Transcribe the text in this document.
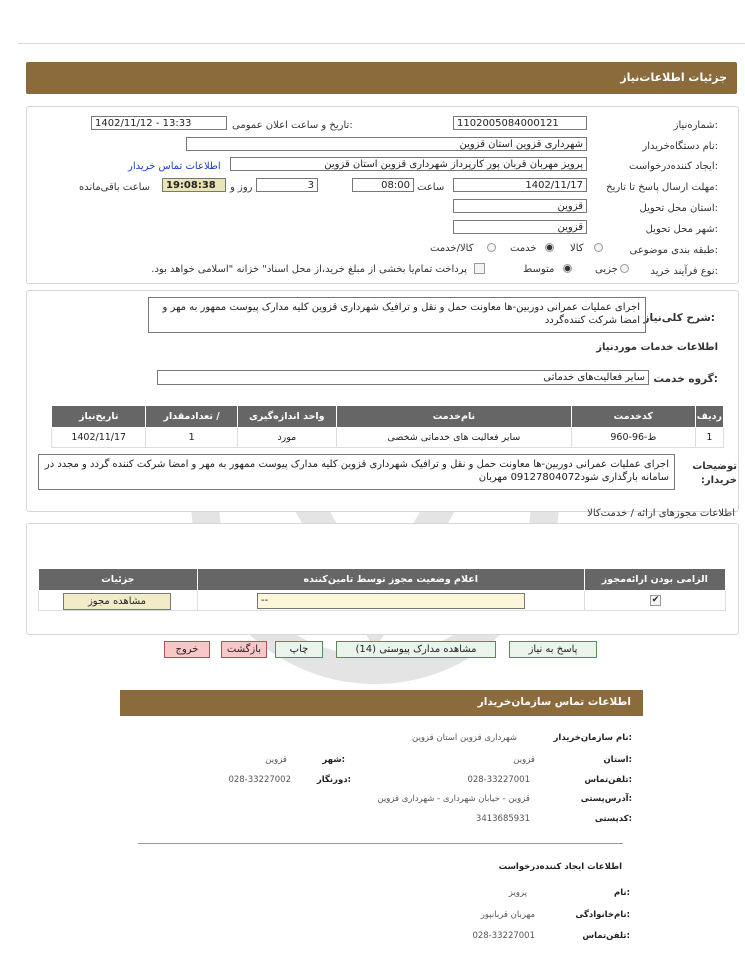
جزئیات اطلاعات‌نیاز
شماره‌نیاز:
1102005084000121
تاریخ و ساعت اعلان عمومی:
1402/11/12 - 13:33
نام دستگاه‌خریدار:
شهرداری قزوین استان قزوین
ایجاد کننده‌درخواست:
پرویز مهربان قربان پور کارپرداز شهرداری قزوین استان قزوین
اطلاعات تماس خریدار
مهلت ارسال پاسخ تا تاریخ:
1402/11/17
ساعت
08:00
3
روز و
19:08:38
ساعت باقی‌مانده
استان محل تحویل:
قزوین
شهر محل تحویل:
قزوین
طبقه بندی موضوعی:
کالا
خدمت
کالا/خدمت
نوع فرآیند خرید:
جزیی
متوسط
پرداخت تمام‌یا بخشی از مبلغ خرید،از محل اسناد" خزانه "اسلامی خواهد بود.
شرح کلی‌نیاز:
اجرای عملیات عمرانی دوربین-ها معاونت حمل و نقل و ترافیک شهرداری قزوین کلیه مدارک پیوست ممهور به مهر و امضا شرکت کننده‌گردد
اطلاعات خدمات موردنیاز
گروه خدمت:
سایر فعالیت‌های خدماتی
تاریخ‌نیاز	تعداد‌مقدار /	واحد اندازه‌گیری	نام‌خدمت	کدخدمت	ردیف
1402/11/17	1	مورد	سایر فعالیت های خدماتی شخصی	ط-96-960	1
توضیحات خریدار:
اجرای عملیات عمرانی دوربین-ها معاونت حمل و نقل و ترافیک شهرداری قزوین کلیه مدارک پیوست ممهور به مهر و امضا شرکت کننده گردد و مجدد در سامانه بارگذاری شود09127804072 مهربان
اطلاعات مجوزهای ارائه / خدمت‌کالا
جزئیات	اعلام وضعیت مجوز توسط تامین‌کننده	الزامی بودن ارائه‌مجوز

مشاهده مجوز	--	✔
پاسخ به نیاز
مشاهده مدارک پیوستی (14)
چاپ
بازگشت
خروج
اطلاعات تماس سازمان‌خریدار
نام سازمان‌خریدار:
شهرداری قزوین استان قزوین
استان:
قزوین
شهر:
قزوین
تلفن‌تماس:
028-33227001
دورنگار:
028-33227002
آدرس‌پستی:
قزوین - خیابان شهرداری - شهرداری قزوین
کدپستی:
3413685931
اطلاعات ایجاد کننده‌درخواست
نام:
پرویز
نام‌خانوادگی:
مهربان قربانپور
تلفن‌تماس:
028-33227001
